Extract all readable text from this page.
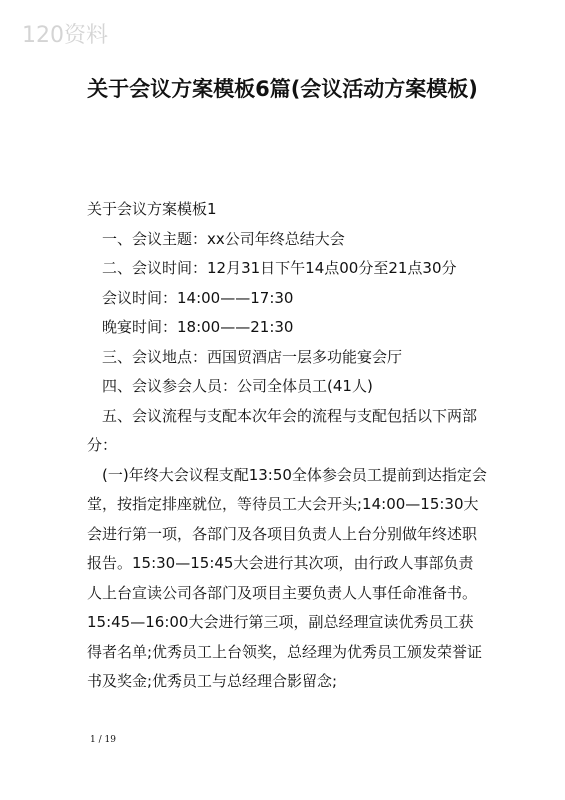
120资料
关于会议方案模板6篇(会议活动方案模板)

关于会议方案模板1

一、会议主题：xx公司年终总结大会

二、会议时间：12月31日下午14点00分至21点30分

会议时间：14:00——17:30

晚宴时间：18:00——21:30

三、会议地点：西国贸酒店一层多功能宴会厅

四、会议参会人员：公司全体员工(41人)

五、会议流程与支配本次年会的流程与支配包括以下两部分：

(一)年终大会议程支配13:50全体参会员工提前到达指定会堂，按指定排座就位，等待员工大会开头;14:00—15:30大会进行第一项，各部门及各项目负责人上台分别做年终述职报告。15:30—15:45大会进行其次项，由行政人事部负责人上台宣读公司各部门及项目主要负责人人事任命准备书。15:45—16:00大会进行第三项，副总经理宣读优秀员工获得者名单;优秀员工上台领奖，总经理为优秀员工颁发荣誉证书及奖金;优秀员工与总经理合影留念;

1 / 19
